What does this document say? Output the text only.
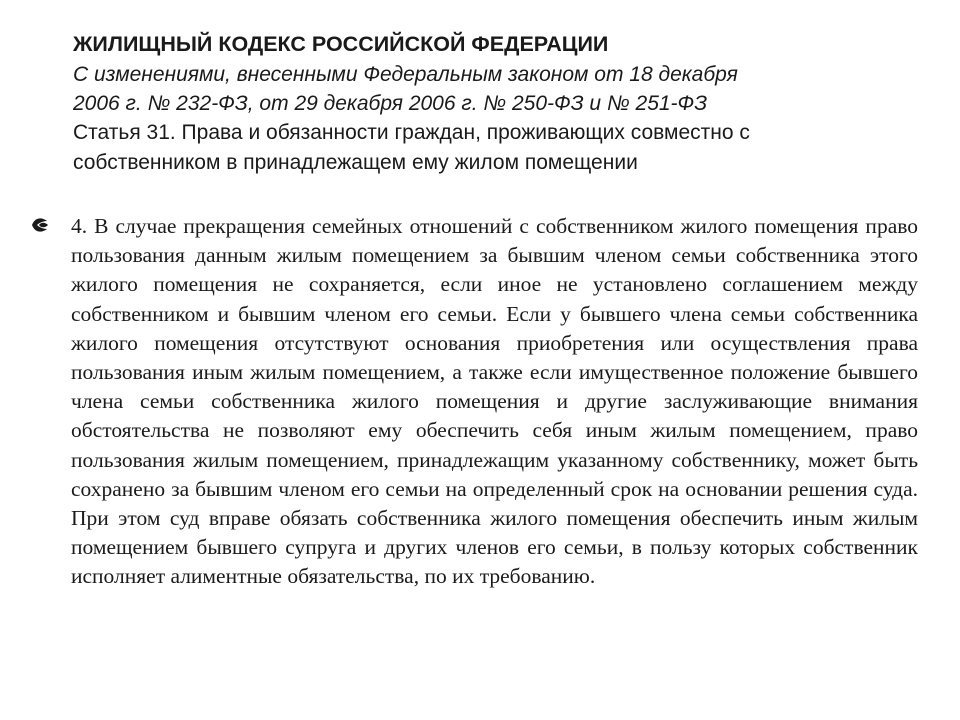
ЖИЛИЩНЫЙ КОДЕКС РОССИЙСКОЙ ФЕДЕРАЦИИ
С изменениями, внесенными Федеральным законом от 18 декабря
2006 г. № 232-ФЗ, от 29 декабря 2006 г. № 250-ФЗ и № 251-ФЗ
Статья 31. Права и обязанности граждан, проживающих совместно с
собственником в принадлежащем ему жилом помещении
4. В случае прекращения семейных отношений с собственником жилого помещения право пользования данным жилым помещением за бывшим членом семьи собственника этого жилого помещения не сохраняется, если иное не установлено соглашением между собственником и бывшим членом его семьи. Если у бывшего члена семьи собственника жилого помещения отсутствуют основания приобретения или осуществления права пользования иным жилым помещением, а также если имущественное положение бывшего члена семьи собственника жилого помещения и другие заслуживающие внимания обстоятельства не позволяют ему обеспечить себя иным жилым помещением, право пользования жилым помещением, принадлежащим указанному собственнику, может быть сохранено за бывшим членом его семьи на определенный срок на основании решения суда. При этом суд вправе обязать собственника жилого помещения обеспечить иным жилым помещением бывшего супруга и других членов его семьи, в пользу которых собственник исполняет алиментные обязательства, по их требованию.
